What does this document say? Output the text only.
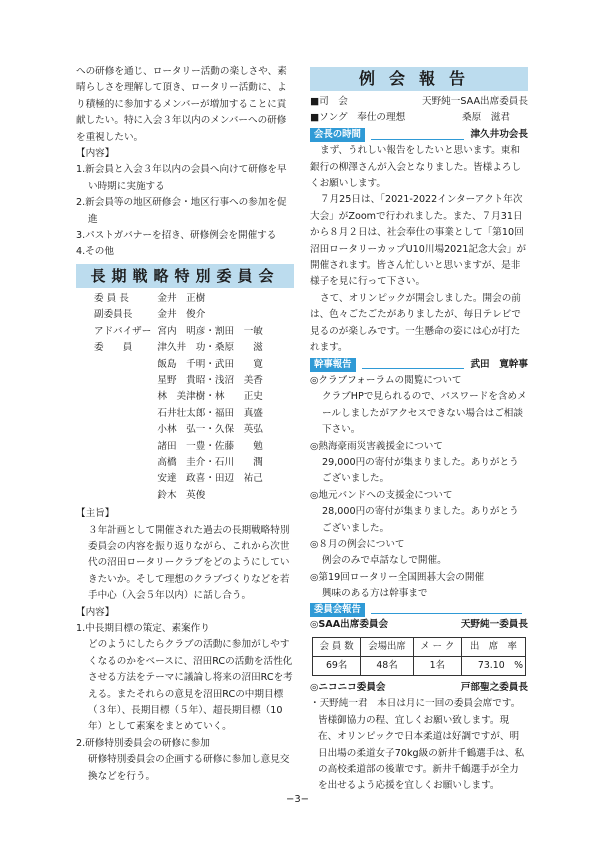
への研修を通じ、ロータリー活動の楽しさや、素晴らしさを理解して頂き、ロータリー活動に、より積極的に参加するメンバーが増加することに貢献したい。特に入会３年以内のメンバーへの研修を重視したい。

【内容】

1.新会員と入会３年以内の会員へ向けて研修を早い時期に実施する

2.新会員等の地区研修会・地区行事への参加を促進

3.パストガバナーを招き、研修例会を開催する

4.その他

長期戦略特別委員会
委 員 長	金井　正樹
副委員長	金井　俊介
アドバイザー	宮内　明彦・割田　一敏
委　　員	津久井　功・桑原　　滋
	飯島　千明・武田　　寛
	星野　貴昭・浅沼　美香
	林　美津樹・林　　正史
	石井壮太郎・福田　真盛
	小林　弘一・久保　英弘
	諸田　一豊・佐藤　　勉
	高橋　圭介・石川　　潤
	安達　政喜・田辺　祐己
	鈴木　英俊

【主旨】

３年計画として開催された過去の長期戦略特別委員会の内容を振り返りながら、これから次世代の沼田ロータリークラブをどのようにしていきたいか。そして理想のクラブづくりなどを若手中心（入会５年以内）に話し合う。

【内容】

1.中長期目標の策定、素案作り

どのようにしたらクラブの活動に参加がしやすくなるのかをベースに、沼田RCの活動を活性化させる方法をテーマに議論し将来の沼田RCを考える。またそれらの意見を沼田RCの中期目標（３年）、長期目標（５年）、超長期目標（10年）として素案をまとめていく。

2.研修特別委員会の研修に参加

研修特別委員会の企画する研修に参加し意見交換などを行う。

例会報告
■司　会	天野純一SAA出席委員長
■ソング　奉仕の理想	桑原　滋君
会長の時間	津久井功会長

まず、うれしい報告をしたいと思います。東和銀行の柳澤さんが入会となりました。皆様よろしくお願いします。

７月25日は、「2021-2022インターアクト年次大会」がZoomで行われました。また、７月31日から８月２日は、社会奉仕の事業として「第10回沼田ロータリーカップU10川場2021記念大会」が開催されます。皆さん忙しいと思いますが、是非様子を見に行って下さい。

さて、オリンピックが開会しました。開会の前は、色々ごたごたがありましたが、毎日テレビで見るのが楽しみです。一生懸命の姿には心が打たれます。

幹事報告	武田　寛幹事

◎クラブフォーラムの閲覧について

クラブHPで見られるので、パスワードを含めメールしましたがアクセスできない場合はご相談下さい。

◎熱海豪雨災害義援金について

29,000円の寄付が集まりました。ありがとうございました。

◎地元バンドへの支援金について

28,000円の寄付が集まりました。ありがとうございました。

◎８月の例会について

例会のみで卓話なしで開催。

◎第19回ロータリー全国囲碁大会の開催

興味のある方は幹事まで

委員会報告
◎SAA出席委員会	天野純一委員長
会 員 数	会場出席	メ ー ク	出　席　率
69名	48名	1名	73.10　%
◎ニコニコ委員会	戸部聖之委員長

・天野純一君　本日は月に一回の委員会席です。皆様御協力の程、宜しくお願い致します。現在、オリンピックで日本柔道は好調ですが、明日出場の柔道女子70kg級の新井千鶴選手は、私の高校柔道部の後輩です。新井千鶴選手が全力を出せるよう応援を宜しくお願いします。

−3−
